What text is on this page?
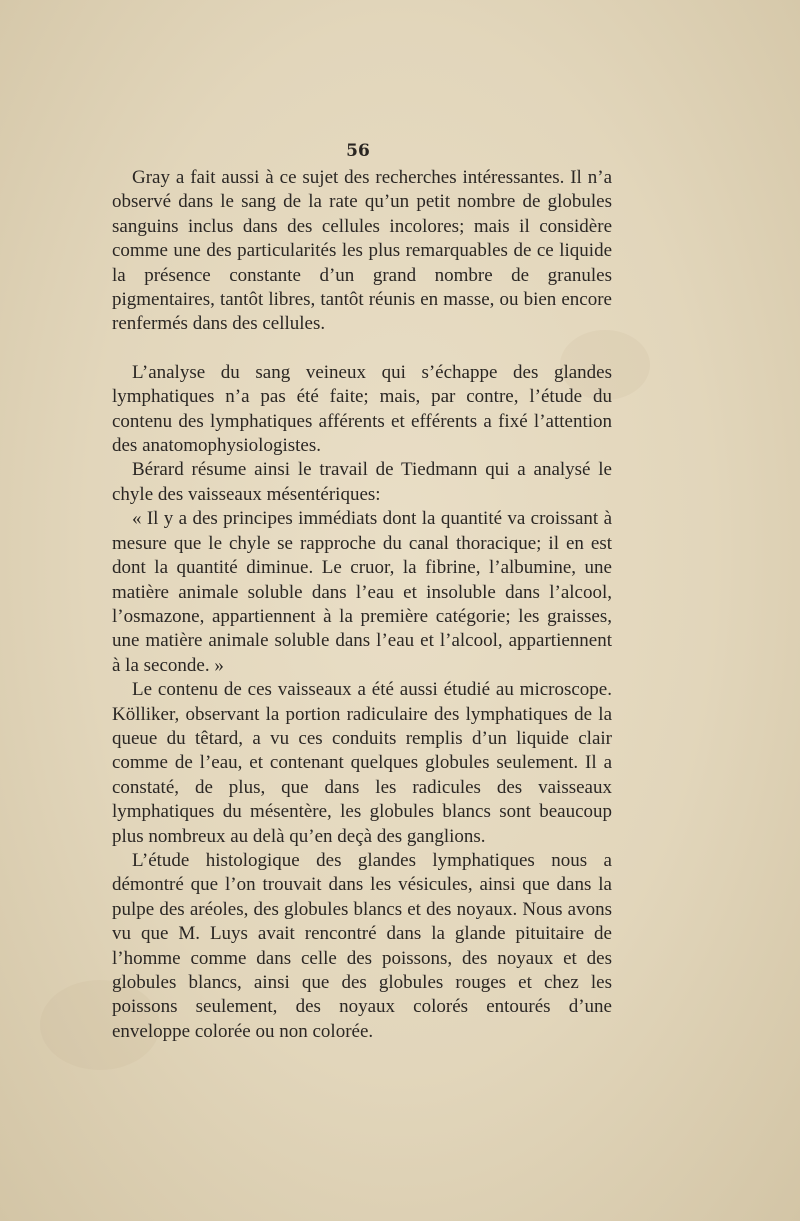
56

Gray a fait aussi à ce sujet des recherches intéressantes. Il n’a observé dans le sang de la rate qu’un petit nombre de globules sanguins inclus dans des cellules incolores; mais il considère comme une des particularités les plus remarquables de ce liquide la présence constante d’un grand nombre de granules pigmentaires, tantôt libres, tantôt réunis en masse, ou bien encore renfermés dans des cellules.

L’analyse du sang veineux qui s’échappe des glandes lymphatiques n’a pas été faite; mais, par contre, l’étude du contenu des lymphatiques afférents et efférents a fixé l’attention des anatomophysiologistes.

Bérard résume ainsi le travail de Tiedmann qui a analysé le chyle des vaisseaux mésentériques:

« Il y a des principes immédiats dont la quantité va croissant à mesure que le chyle se rapproche du canal thoracique; il en est dont la quantité diminue. Le cruor, la fibrine, l’albumine, une matière animale soluble dans l’eau et insoluble dans l’alcool, l’osmazone, appartiennent à la première catégorie; les graisses, une matière animale soluble dans l’eau et l’alcool, appartiennent à la seconde. »

Le contenu de ces vaisseaux a été aussi étudié au microscope. Kölliker, observant la portion radiculaire des lymphatiques de la queue du têtard, a vu ces conduits remplis d’un liquide clair comme de l’eau, et contenant quelques globules seulement. Il a constaté, de plus, que dans les radicules des vaisseaux lymphatiques du mésentère, les globules blancs sont beaucoup plus nombreux au delà qu’en deçà des ganglions.

L’étude histologique des glandes lymphatiques nous a démontré que l’on trouvait dans les vésicules, ainsi que dans la pulpe des aréoles, des globules blancs et des noyaux. Nous avons vu que M. Luys avait rencontré dans la glande pituitaire de l’homme comme dans celle des poissons, des noyaux et des globules blancs, ainsi que des globules rouges et chez les poissons seulement, des noyaux colorés entourés d’une enveloppe colorée ou non colorée.
